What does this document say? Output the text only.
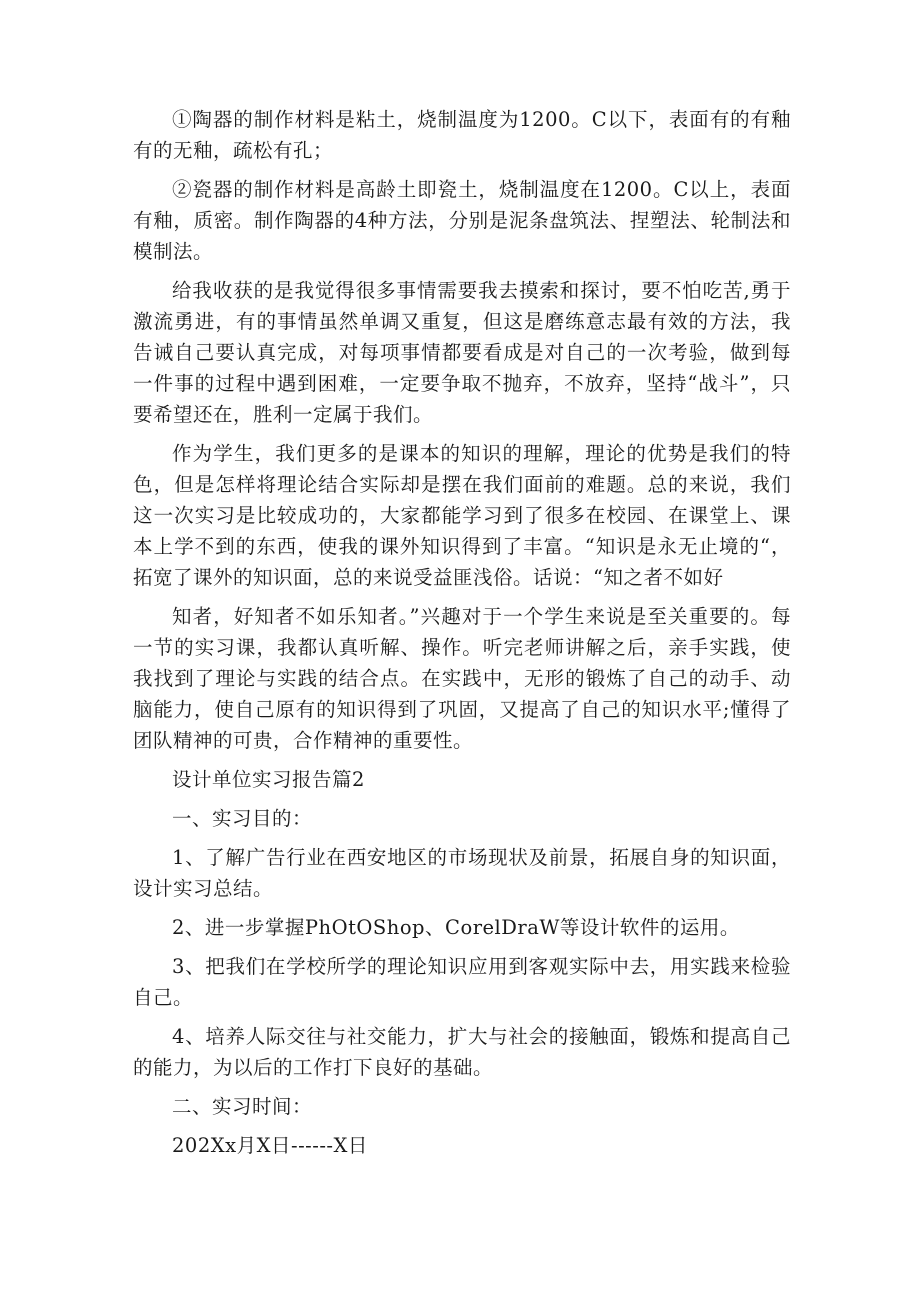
①陶器的制作材料是粘土，烧制温度为1200。C以下，表面有的有釉有的无釉，疏松有孔；

②瓷器的制作材料是高龄土即瓷土，烧制温度在1200。C以上，表面有釉，质密。制作陶器的4种方法，分别是泥条盘筑法、捏塑法、轮制法和模制法。

给我收获的是我觉得很多事情需要我去摸索和探讨，要不怕吃苦,勇于激流勇进，有的事情虽然单调又重复，但这是磨练意志最有效的方法，我告诫自己要认真完成，对每项事情都要看成是对自己的一次考验，做到每一件事的过程中遇到困难，一定要争取不抛弃，不放弃，坚持“战斗”，只要希望还在，胜利一定属于我们。

作为学生，我们更多的是课本的知识的理解，理论的优势是我们的特色，但是怎样将理论结合实际却是摆在我们面前的难题。总的来说，我们这一次实习是比较成功的，大家都能学习到了很多在校园、在课堂上、课本上学不到的东西，使我的课外知识得到了丰富。“知识是永无止境的“，拓宽了课外的知识面，总的来说受益匪浅俗。话说：“知之者不如好

知者，好知者不如乐知者。”兴趣对于一个学生来说是至关重要的。每一节的实习课，我都认真听解、操作。听完老师讲解之后，亲手实践，使我找到了理论与实践的结合点。在实践中，无形的锻炼了自己的动手、动脑能力，使自己原有的知识得到了巩固，又提高了自己的知识水平;懂得了团队精神的可贵，合作精神的重要性。

设计单位实习报告篇2

一、实习目的：

1、了解广告行业在西安地区的市场现状及前景，拓展自身的知识面，设计实习总结。

2、进一步掌握PhOtOShop、CorelDraW等设计软件的运用。

3、把我们在学校所学的理论知识应用到客观实际中去，用实践来检验自己。

4、培养人际交往与社交能力，扩大与社会的接触面，锻炼和提高自己的能力，为以后的工作打下良好的基础。

二、实习时间：

202Xx月X日------X日
